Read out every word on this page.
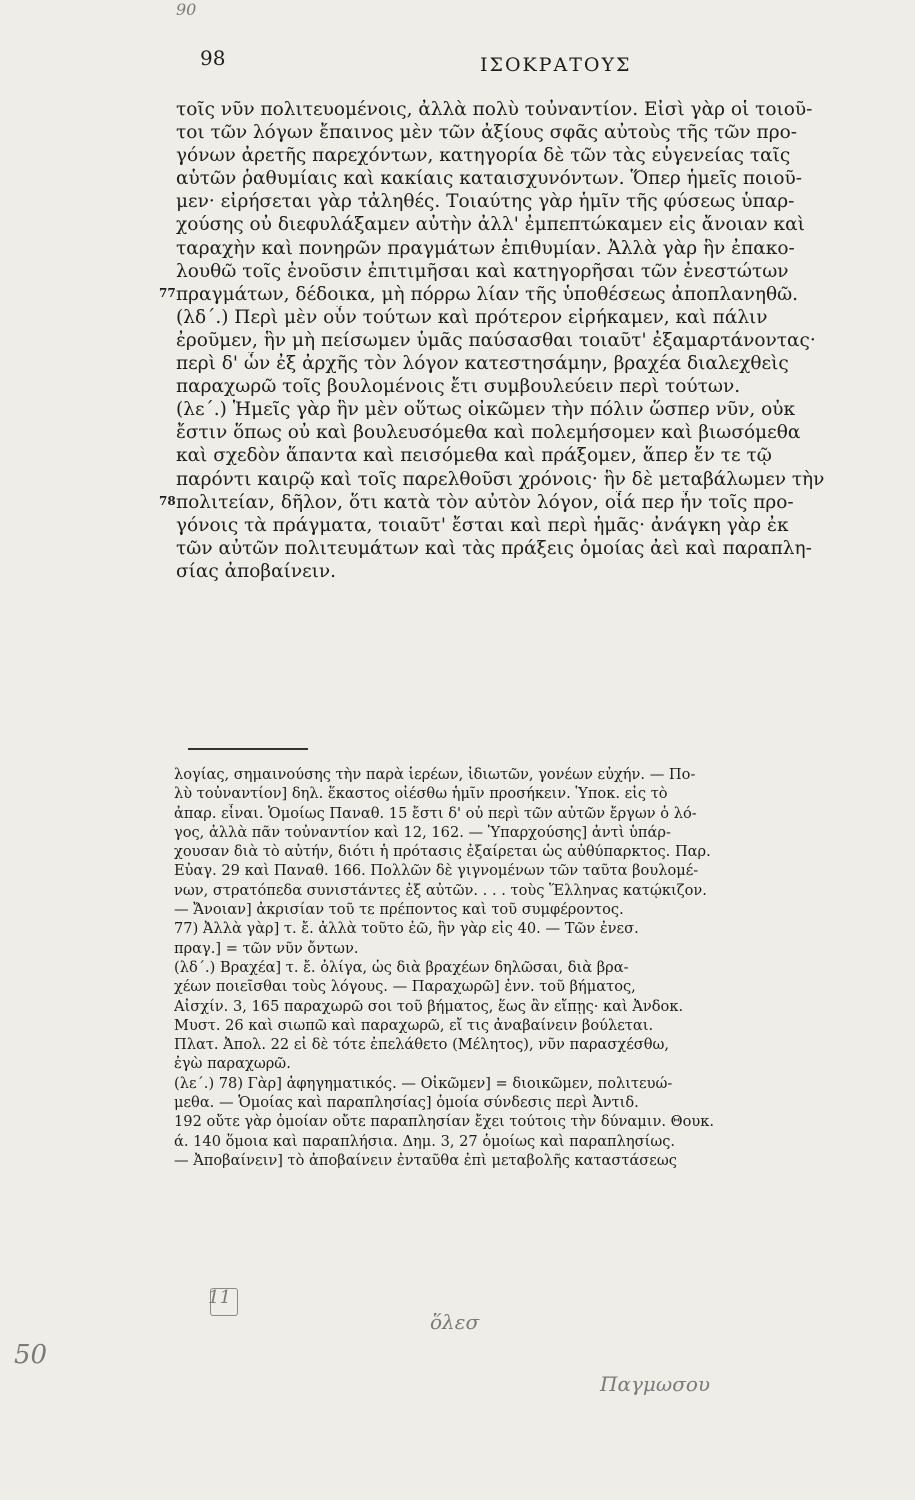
98	ΙΣΟΚΡΑΤΟΥΣ
77
78
τοῖς νῦν πολιτευομένοις, ἀλλὰ πολὺ τοὐναντίον. Εἰσὶ γὰρ οἱ τοιοῦ-
τοι τῶν λόγων ἔπαινος μὲν τῶν ἀξίους σφᾶς αὐτοὺς τῆς τῶν προ-
γόνων ἀρετῆς παρεχόντων, κατηγορία δὲ τῶν τὰς εὐγενείας ταῖς
αὑτῶν ῥαθυμίαις καὶ κακίαις καταισχυνόντων. Ὅπερ ἡμεῖς ποιοῦ-
μεν· εἰρήσεται γὰρ τἀληθές. Τοιαύτης γὰρ ἡμῖν τῆς φύσεως ὑπαρ-
χούσης οὐ διεφυλάξαμεν αὐτὴν ἀλλ' ἐμπεπτώκαμεν εἰς ἄνοιαν καὶ
ταραχὴν καὶ πονηρῶν πραγμάτων ἐπιθυμίαν. Ἀλλὰ γὰρ ἣν ἐπακο-
λουθῶ τοῖς ἐνοῦσιν ἐπιτιμῆσαι καὶ κατηγορῆσαι τῶν ἐνεστώτων
πραγμάτων, δέδοικα, μὴ πόρρω λίαν τῆς ὑποθέσεως ἀποπλανηθῶ.
(λδ΄.) Περὶ μὲν οὖν τούτων καὶ πρότερον εἰρήκαμεν, καὶ πάλιν
ἐροῦμεν, ἣν μὴ πείσωμεν ὑμᾶς παύσασθαι τοιαῦτ' ἐξαμαρτάνοντας·
περὶ δ' ὧν ἐξ ἀρχῆς τὸν λόγον κατεστησάμην, βραχέα διαλεχθεὶς
παραχωρῶ τοῖς βουλομένοις ἔτι συμβουλεύειν περὶ τούτων.
(λε΄.) Ἡμεῖς γὰρ ἣν μὲν οὕτως οἰκῶμεν τὴν πόλιν ὥσπερ νῦν, οὐκ
ἔστιν ὅπως οὐ καὶ βουλευσόμεθα καὶ πολεμήσομεν καὶ βιωσόμεθα
καὶ σχεδὸν ἅπαντα καὶ πεισόμεθα καὶ πράξομεν, ἅπερ ἔν τε τῷ
παρόντι καιρῷ καὶ τοῖς παρελθοῦσι χρόνοις· ἣν δὲ μεταβάλωμεν τὴν
πολιτείαν, δῆλον, ὅτι κατὰ τὸν αὐτὸν λόγον, οἷά περ ἦν τοῖς προ-
γόνοις τὰ πράγματα, τοιαῦτ' ἔσται καὶ περὶ ἡμᾶς· ἀνάγκη γὰρ ἐκ
τῶν αὐτῶν πολιτευμάτων καὶ τὰς πράξεις ὁμοίας ἀεὶ καὶ παραπλη-
σίας ἀποβαίνειν.
λογίας, σημαινούσης τὴν παρὰ ἱερέων, ἰδιωτῶν, γονέων εὐχήν. — Πο-
λὺ τοὐναντίον] δηλ. ἕκαστος οἰέσθω ἡμῖν προσήκειν. Ὑποκ. εἰς τὸ
ἀπαρ. εἶναι. Ὁμοίως Παναθ. 15 ἔστι δ' οὐ περὶ τῶν αὐτῶν ἔργων ὁ λό-
γος, ἀλλὰ πᾶν τοὐναντίον καὶ 12, 162. — Ὑπαρχούσης] ἀντὶ ὑπάρ-
χουσαν διὰ τὸ αὐτήν, διότι ἡ πρότασις ἐξαίρεται ὡς αὐθύπαρκτος. Παρ.
Εὐαγ. 29 καὶ Παναθ. 166. Πολλῶν δὲ γιγνομένων τῶν ταῦτα βουλομέ-
νων, στρατόπεδα συνιστάντες ἐξ αὐτῶν. . . . τοὺς Ἕλληνας κατῴκιζον.
— Ἄνοιαν] ἀκρισίαν τοῦ τε πρέποντος καὶ τοῦ συμφέροντος.
77) Ἀλλὰ γὰρ] τ. ἔ. ἀλλὰ τοῦτο ἐῶ, ἣν γὰρ εἰς 40. — Τῶν ἐνεσ.
πραγ.] = τῶν νῦν ὄντων.
(λδ΄.) Βραχέα] τ. ἔ. ὀλίγα, ὡς διὰ βραχέων δηλῶσαι, διὰ βρα-
χέων ποιεῖσθαι τοὺς λόγους. — Παραχωρῶ] ἐνν. τοῦ βήματος,
Αἰσχίν. 3, 165 παραχωρῶ σοι τοῦ βήματος, ἕως ἂν εἴπῃς· καὶ Ἀνδοκ.
Μυστ. 26 καὶ σιωπῶ καὶ παραχωρῶ, εἴ τις ἀναβαίνειν βούλεται.
Πλατ. Ἀπολ. 22 εἰ δὲ τότε ἐπελάθετο (Μέλητος), νῦν παρασχέσθω,
ἐγὼ παραχωρῶ.
(λε΄.) 78) Γὰρ] ἀφηγηματικός. — Οἰκῶμεν] = διοικῶμεν, πολιτευώ-
μεθα. — Ὁμοίας καὶ παραπλησίας] ὁμοία σύνδεσις περὶ Ἀντιδ.
192 οὔτε γὰρ ὁμοίαν οὔτε παραπλησίαν ἔχει τούτοις τὴν δύναμιν. Θουκ.
ά. 140 ὅμοια καὶ παραπλήσια. Δημ. 3, 27 ὁμοίως καὶ παραπλησίως.
— Ἀποβαίνειν] τὸ ἀποβαίνειν ἐνταῦθα ἐπὶ μεταβολῆς καταστάσεως
90
50
11
ὅλεσ
Παγμωσου
